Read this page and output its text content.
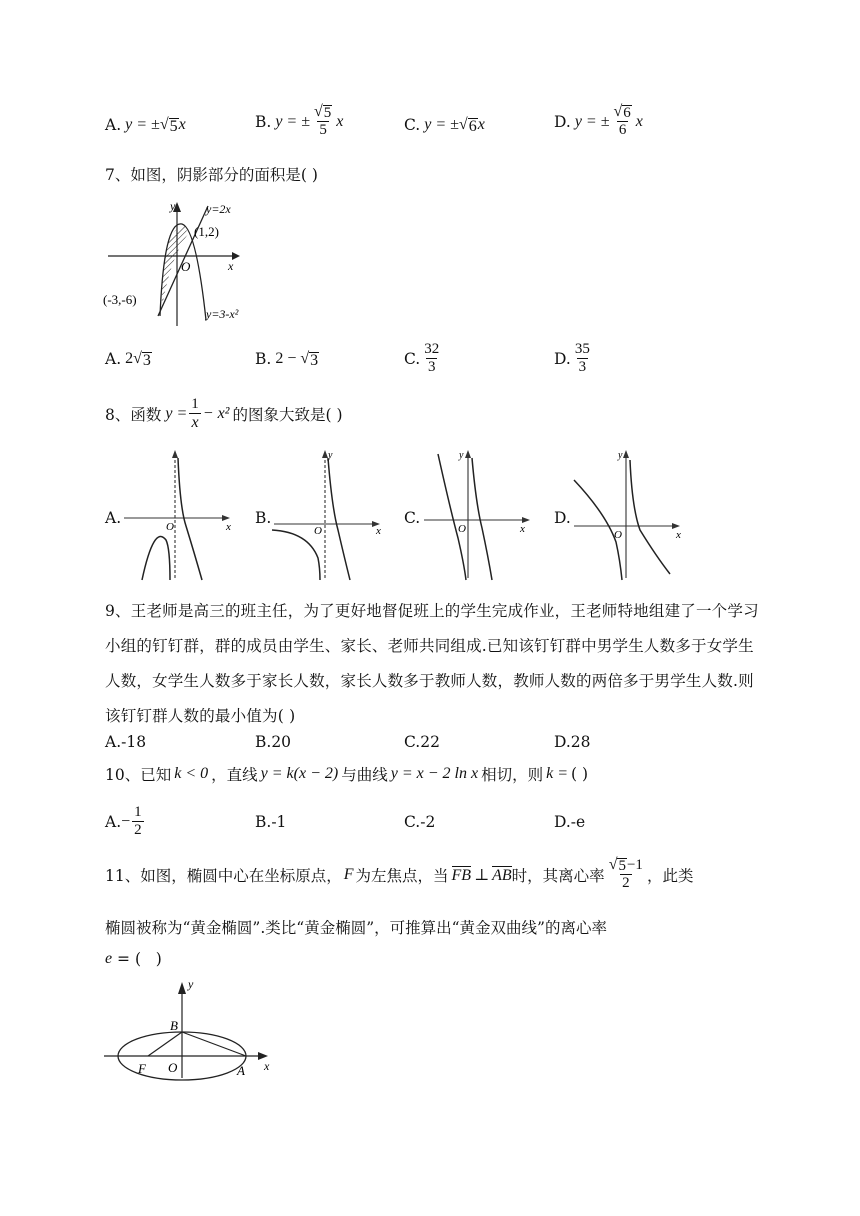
A. y = ± √ 5 x	B. y = ± $\frac{√ 5}{5}$ x	C. y = ± √ 6 x	D. y = ± $\frac{√ 6}{6}$ x
7、如图，阴影部分的面积是( )
y	y=2x
(1,2)
O	x
(-3,-6)
y=3-x²
A. 2 √ 3	B. 2 − √ 3	C. $\frac{32}{3}$	D. $\frac{35}{3}$
8、函数 $y = \frac{1}{x} - x^2$ 的图象大致是( )
A.	O	x B.
y
O	x
C.
y
O	x
D.
y
O	x
9、王老师是高三的班主任，为了更好地督促班上的学生完成作业，王老师特地组建了一个学习小组的钉钉群，群的成员由学生、家长、老师共同组成.已知该钉钉群中男学生人数多于女学生人数，女学生人数多于家长人数，家长人数多于教师人数，教师人数的两倍多于男学生人数.则该钉钉群人数的最小值为( )
A.-18	B.20	C.22	D.28
10、已知 k < 0 ，直线 y = k(x − 2) 与曲线 y = x − 2 ln x 相切，则 k = ( )
A. − $\frac{1}{2}$	B.-1	C.-2	D.-e
11、如图，椭圆中心在坐标原点， F 为左焦点，当 FB ⊥ AB 时，其离心率 $\frac{√ 5 -1}{2}$ ，此类
椭圆被称为“黄金椭圆”.类比“黄金椭圆”，可推算出“黄金双曲线”的离心率
e = (   )
y
B
F O	A x
